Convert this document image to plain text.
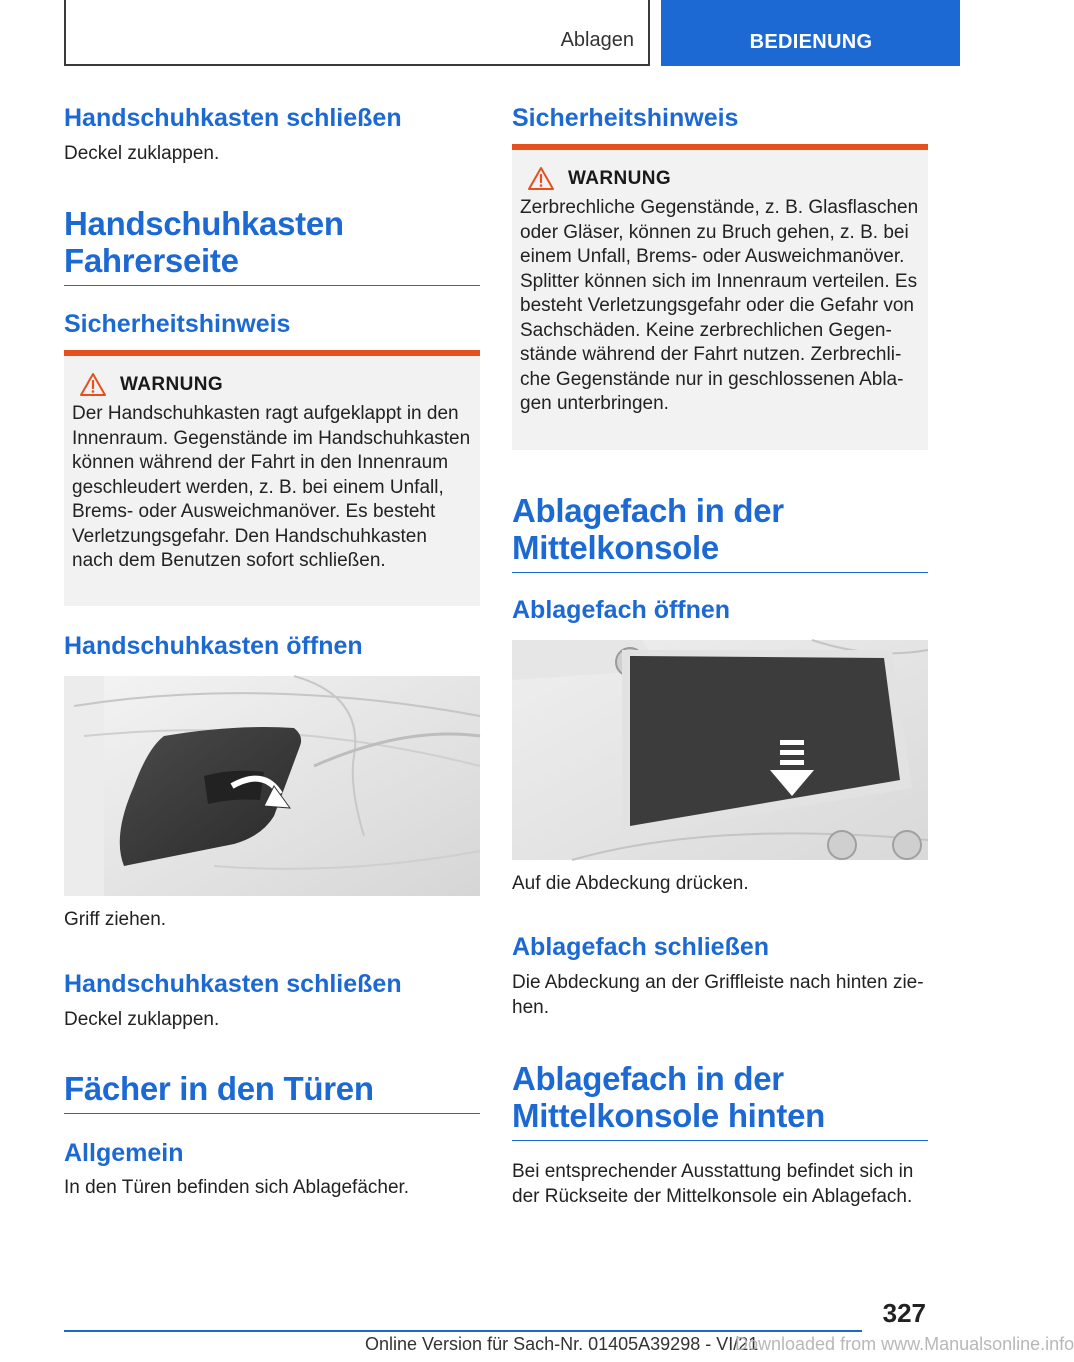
Ablagen	BEDIENUNG
Handschuhkasten schließen
Deckel zuklappen.
Handschuhkasten Fahrerseite
Sicherheitshinweis
WARNUNG
Der Handschuhkasten ragt aufgeklappt in den Innenraum. Gegenstände im Handschuhkasten können während der Fahrt in den Innenraum geschleudert werden, z. B. bei einem Unfall, Brems- oder Ausweichmanöver. Es besteht Verletzungsgefahr. Den Handschuhkasten nach dem Benutzen sofort schließen.
Handschuhkasten öffnen
Griff ziehen.
Handschuhkasten schließen
Deckel zuklappen.
Fächer in den Türen
Allgemein
In den Türen befinden sich Ablagefächer.
Sicherheitshinweis
WARNUNG
Zerbrechliche Gegenstände, z. B. Glasflaschen oder Gläser, können zu Bruch gehen, z. B. bei einem Unfall, Brems- oder Ausweichmanöver. Splitter können sich im Innenraum verteilen. Es besteht Verletzungsgefahr oder die Gefahr von Sachschäden. Keine zerbrechlichen Gegenstände während der Fahrt nutzen. Zerbrechliche Gegenstände nur in geschlossenen Ablagen unterbringen.
Ablagefach in der Mittelkonsole
Ablagefach öffnen
Auf die Abdeckung drücken.
Ablagefach schließen
Die Abdeckung an der Griffleiste nach hinten ziehen.
Ablagefach in der Mittelkonsole hinten
Bei entsprechender Ausstattung befindet sich in der Rückseite der Mittelkonsole ein Ablagefach.
327
Online Version für Sach-Nr. 01405A39298 - VI/21
Downloaded from www.Manualsonline.info
